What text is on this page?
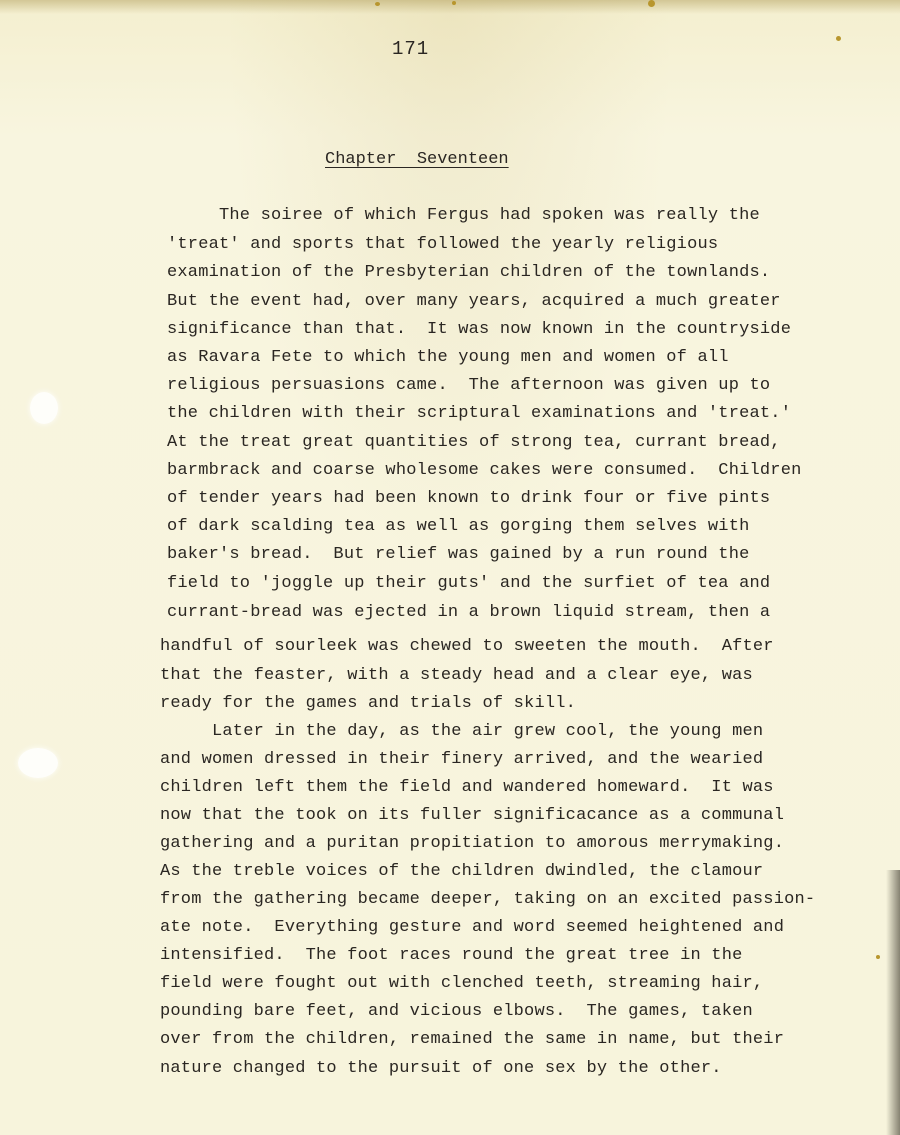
171
Chapter  Seventeen
The soiree of which Fergus had spoken was really the
'treat' and sports that followed the yearly religious
examination of the Presbyterian children of the townlands.
But the event had, over many years, acquired a much greater
significance than that.  It was now known in the countryside
as Ravara Fete to which the young men and women of all
religious persuasions came.  The afternoon was given up to
the children with their scriptural examinations and 'treat.'
At the treat great quantities of strong tea, currant bread,
barmbrack and coarse wholesome cakes were consumed.  Children
of tender years had been known to drink four or five pints
of dark scalding tea as well as gorging them selves with
baker's bread.  But relief was gained by a run round the
field to 'joggle up their guts' and the surfiet of tea and
currant-bread was ejected in a brown liquid stream, then a
handful of sourleek was chewed to sweeten the mouth.  After
that the feaster, with a steady head and a clear eye, was
ready for the games and trials of skill.
Later in the day, as the air grew cool, the young men
and women dressed in their finery arrived, and the wearied
children left them the field and wandered homeward.  It was
now that the took on its fuller significacance as a communal
gathering and a puritan propitiation to amorous merrymaking.
As the treble voices of the children dwindled, the clamour
from the gathering became deeper, taking on an excited passion-
ate note.  Everything gesture and word seemed heightened and
intensified.  The foot races round the great tree in the
field were fought out with clenched teeth, streaming hair,
pounding bare feet, and vicious elbows.  The games, taken
over from the children, remained the same in name, but their
nature changed to the pursuit of one sex by the other.
